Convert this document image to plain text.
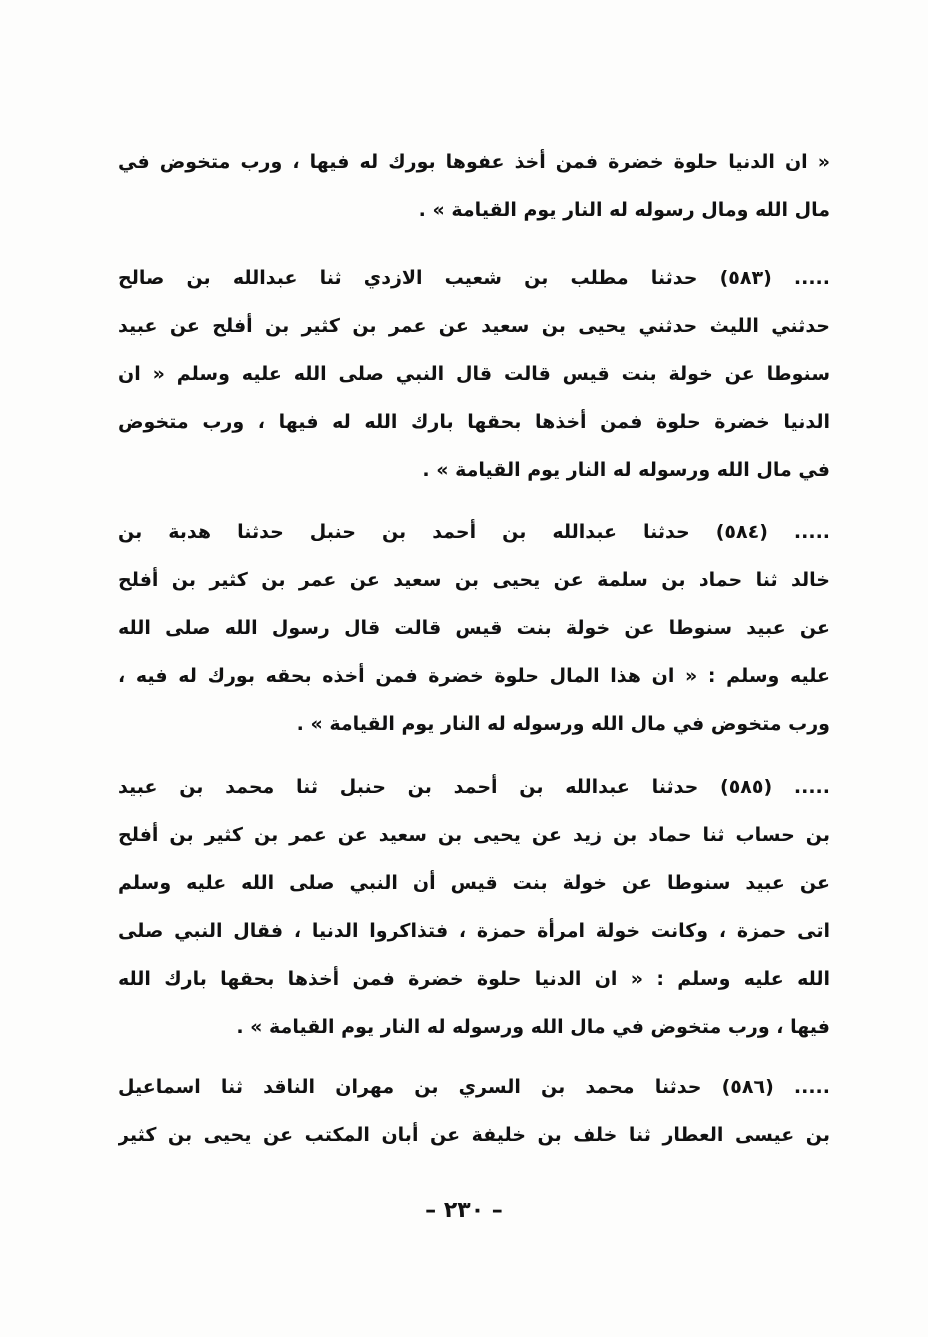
« ان الدنيا حلوة خضرة فمن أخذ عفوها بورك له فيها ، ورب متخوض في
مال الله ومال رسوله له النار يوم القيامة » .
..... (٥٨٣) حدثنا مطلب بن شعيب الازدي ثنا عبدالله بن صالح
حدثني الليث حدثني يحيى بن سعيد عن عمر بن كثير بن أفلح عن عبيد
سنوطا عن خولة بنت قيس قالت قال النبي صلى الله عليه وسلم « ان
الدنيا خضرة حلوة فمن أخذها بحقها بارك الله له فيها ، ورب متخوض
في مال الله ورسوله له النار يوم القيامة » .
..... (٥٨٤) حدثنا عبدالله بن أحمد بن حنبل حدثنا هدبة بن
خالد ثنا حماد بن سلمة عن يحيى بن سعيد عن عمر بن كثير بن أفلح
عن عبيد سنوطا عن خولة بنت قيس قالت قال رسول الله صلى الله
عليه وسلم : « ان هذا المال حلوة خضرة فمن أخذه بحقه بورك له فيه ،
ورب متخوض في مال الله ورسوله له النار يوم القيامة » .
..... (٥٨٥) حدثنا عبدالله بن أحمد بن حنبل ثنا محمد بن عبيد
بن حساب ثنا حماد بن زيد عن يحيى بن سعيد عن عمر بن كثير بن أفلح
عن عبيد سنوطا عن خولة بنت قيس أن النبي صلى الله عليه وسلم
اتى حمزة ، وكانت خولة امرأة حمزة ، فتذاكروا الدنيا ، فقال النبي صلى
الله عليه وسلم : « ان الدنيا حلوة خضرة فمن أخذها بحقها بارك الله
فيها ، ورب متخوض في مال الله ورسوله له النار يوم القيامة » .
..... (٥٨٦) حدثنا محمد بن السري بن مهران الناقد ثنا اسماعيل
بن عيسى العطار ثنا خلف بن خليفة عن أبان المكتب عن يحيى بن كثير
– ٢٣٠ –
